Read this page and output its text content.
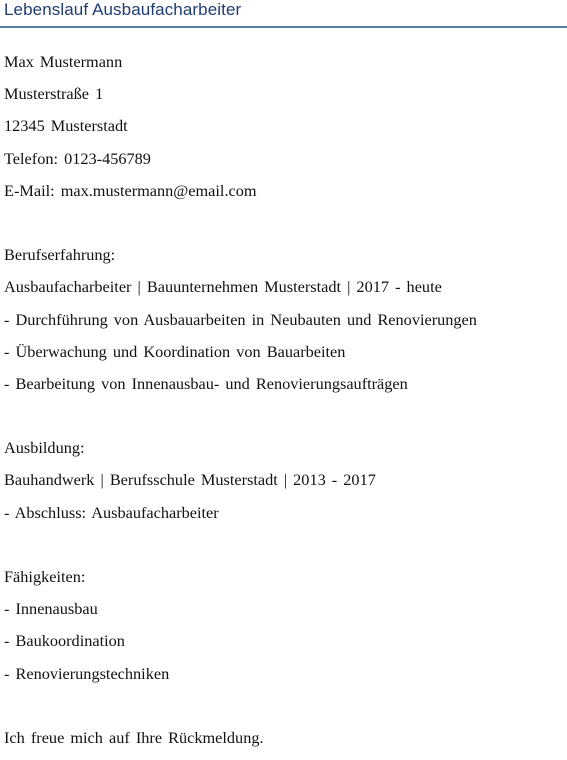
Lebenslauf Ausbaufacharbeiter
Max Mustermann
Musterstraße 1
12345 Musterstadt
Telefon: 0123-456789
E-Mail: max.mustermann@email.com
Berufserfahrung:
Ausbaufacharbeiter | Bauunternehmen Musterstadt | 2017 - heute
- Durchführung von Ausbauarbeiten in Neubauten und Renovierungen
- Überwachung und Koordination von Bauarbeiten
- Bearbeitung von Innenausbau- und Renovierungsaufträgen
Ausbildung:
Bauhandwerk | Berufsschule Musterstadt | 2013 - 2017
- Abschluss: Ausbaufacharbeiter
Fähigkeiten:
- Innenausbau
- Baukoordination
- Renovierungstechniken
Ich freue mich auf Ihre Rückmeldung.
